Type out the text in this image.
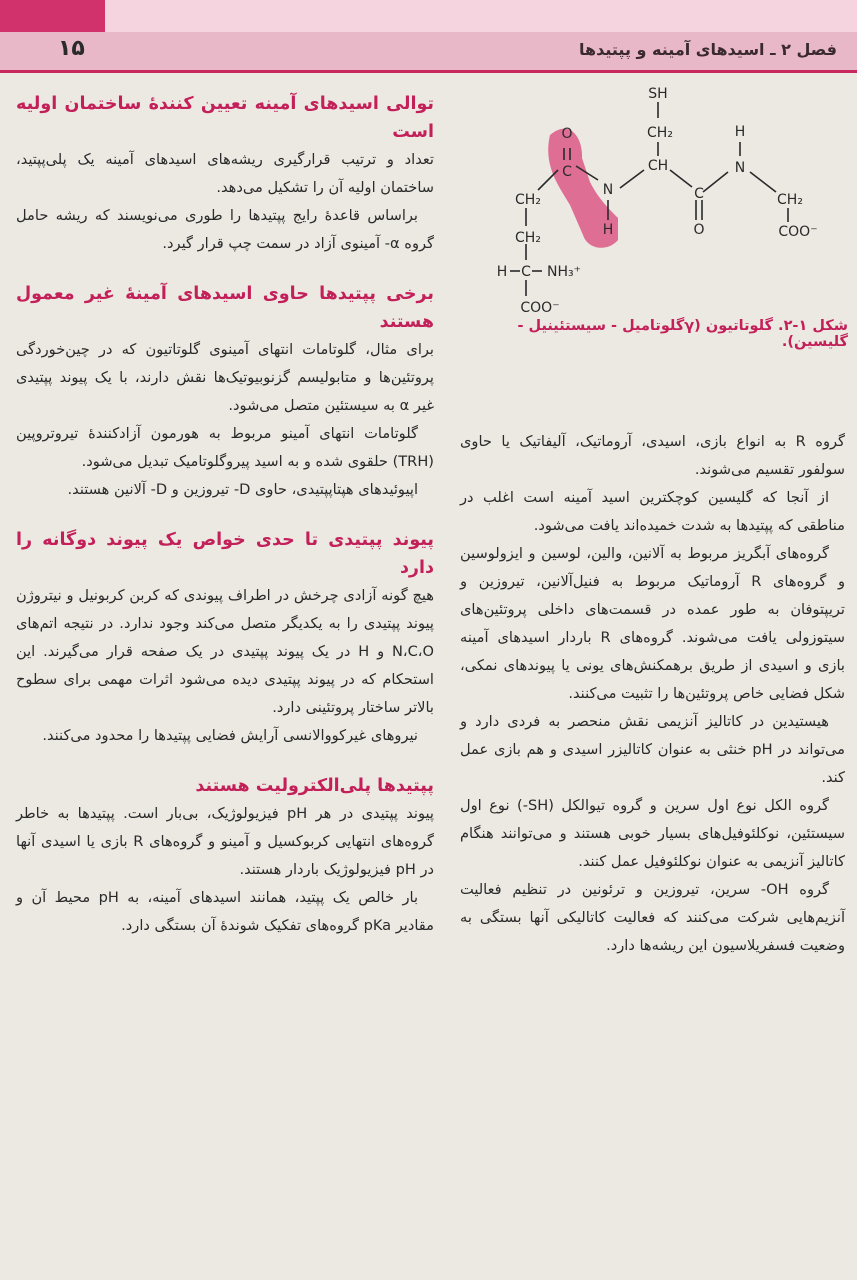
۱۵	فصل ۲ ـ اسیدهای آمینه و پپتیدها
SH
CH₂
CH
O
C
N
H
H
N
C
O
CH₂
COO⁻
CH₂
CH₂
H C NH₃⁺
COO⁻
شکل ۱-۲. گلوتاتیون (γگلوتامیل - سیستئینیل - گلیسین).
توالی اسیدهای آمینه تعیین کنندهٔ ساختمان اولیه است

تعداد و ترتیب قرارگیری ریشه‌های اسیدهای آمینه یک پلی‌پپتید، ساختمان اولیه آن را تشکیل می‌دهد.

براساس قاعدهٔ رایج پپتیدها را طوری می‌نویسند که ریشه حامل گروه α- آمینوی آزاد در سمت چپ قرار گیرد.

برخی پپتیدها حاوی اسیدهای آمینهٔ غیر معمول هستند

برای مثال، گلوتامات انتهای آمینوی گلوتاتیون که در چین‌خوردگی پروتئین‌ها و متابولیسم گزنوبیوتیک‌ها نقش دارند، با یک پیوند پپتیدی غیر α به سیستئین متصل می‌شود.

گلوتامات انتهای آمینو مربوط به هورمون آزادکنندهٔ تیروتروپین (TRH) حلقوی شده و به اسید پیروگلوتامیک تبدیل می‌شود.

اپیوئیدهای هپتاپپتیدی، حاوی D- تیروزین و D- آلانین هستند.

پیوند پپتیدی تا حدی خواص یک پیوند دوگانه را دارد

هیچ گونه آزادی چرخش در اطراف پیوندی که کربن کربونیل و نیتروژن پیوند پپتیدی را به یکدیگر متصل می‌کند وجود ندارد. در نتیجه اتم‌های N،C،O و H در یک پیوند پپتیدی در یک صفحه قرار می‌گیرند. این استحکام که در پیوند پپتیدی دیده می‌شود اثرات مهمی برای سطوح بالاتر ساختار پروتئینی دارد.

نیروهای غیرکووالانسی آرایش فضایی پپتیدها را محدود می‌کنند.

پپتیدها پلی‌الکترولیت هستند

پیوند پپتیدی در هر pH فیزیولوژیک، بی‌بار است. پپتیدها به خاطر گروه‌های انتهایی کربوکسیل و آمینو و گروه‌های R بازی یا اسیدی آنها در pH فیزیولوژیک باردار هستند.

بار خالص یک پپتید، همانند اسیدهای آمینه، به pH محیط آن و مقادیر pKa گروه‌های تفکیک شوندهٔ آن بستگی دارد.

گروه R به انواع بازی، اسیدی، آروماتیک، آلیفاتیک یا حاوی سولفور تقسیم می‌شوند.

از آنجا که گلیسین کوچکترین اسید آمینه است اغلب در مناطقی که پپتیدها به شدت خمیده‌اند یافت می‌شود.

گروه‌های آبگریز مربوط به آلانین، والین، لوسین و ایزولوسین و گروه‌های R آروماتیک مربوط به فنیل‌آلانین، تیروزین و تریپتوفان به طور عمده در قسمت‌های داخلی پروتئین‌های سیتوزولی یافت می‌شوند. گروه‌های R باردار اسیدهای آمینه بازی و اسیدی از طریق برهمکنش‌های یونی یا پیوندهای نمکی، شکل فضایی خاص پروتئین‌ها را تثبیت می‌کنند.

هیستیدین در کاتالیز آنزیمی نقش منحصر به فردی دارد و می‌تواند در pH خنثی به عنوان کاتالیزر اسیدی و هم بازی عمل کند.

گروه الکل نوع اول سرین و گروه تیوالکل (SH-) نوع اول سیستئین، نوکلئوفیل‌های بسیار خوبی هستند و می‌توانند هنگام کاتالیز آنزیمی به عنوان نوکلئوفیل عمل کنند.

گروه OH- سرین، تیروزین و ترئونین در تنظیم فعالیت آنزیم‌هایی شرکت می‌کنند که فعالیت کاتالیکی آنها بستگی به وضعیت فسفریلاسیون این ریشه‌ها دارد.
